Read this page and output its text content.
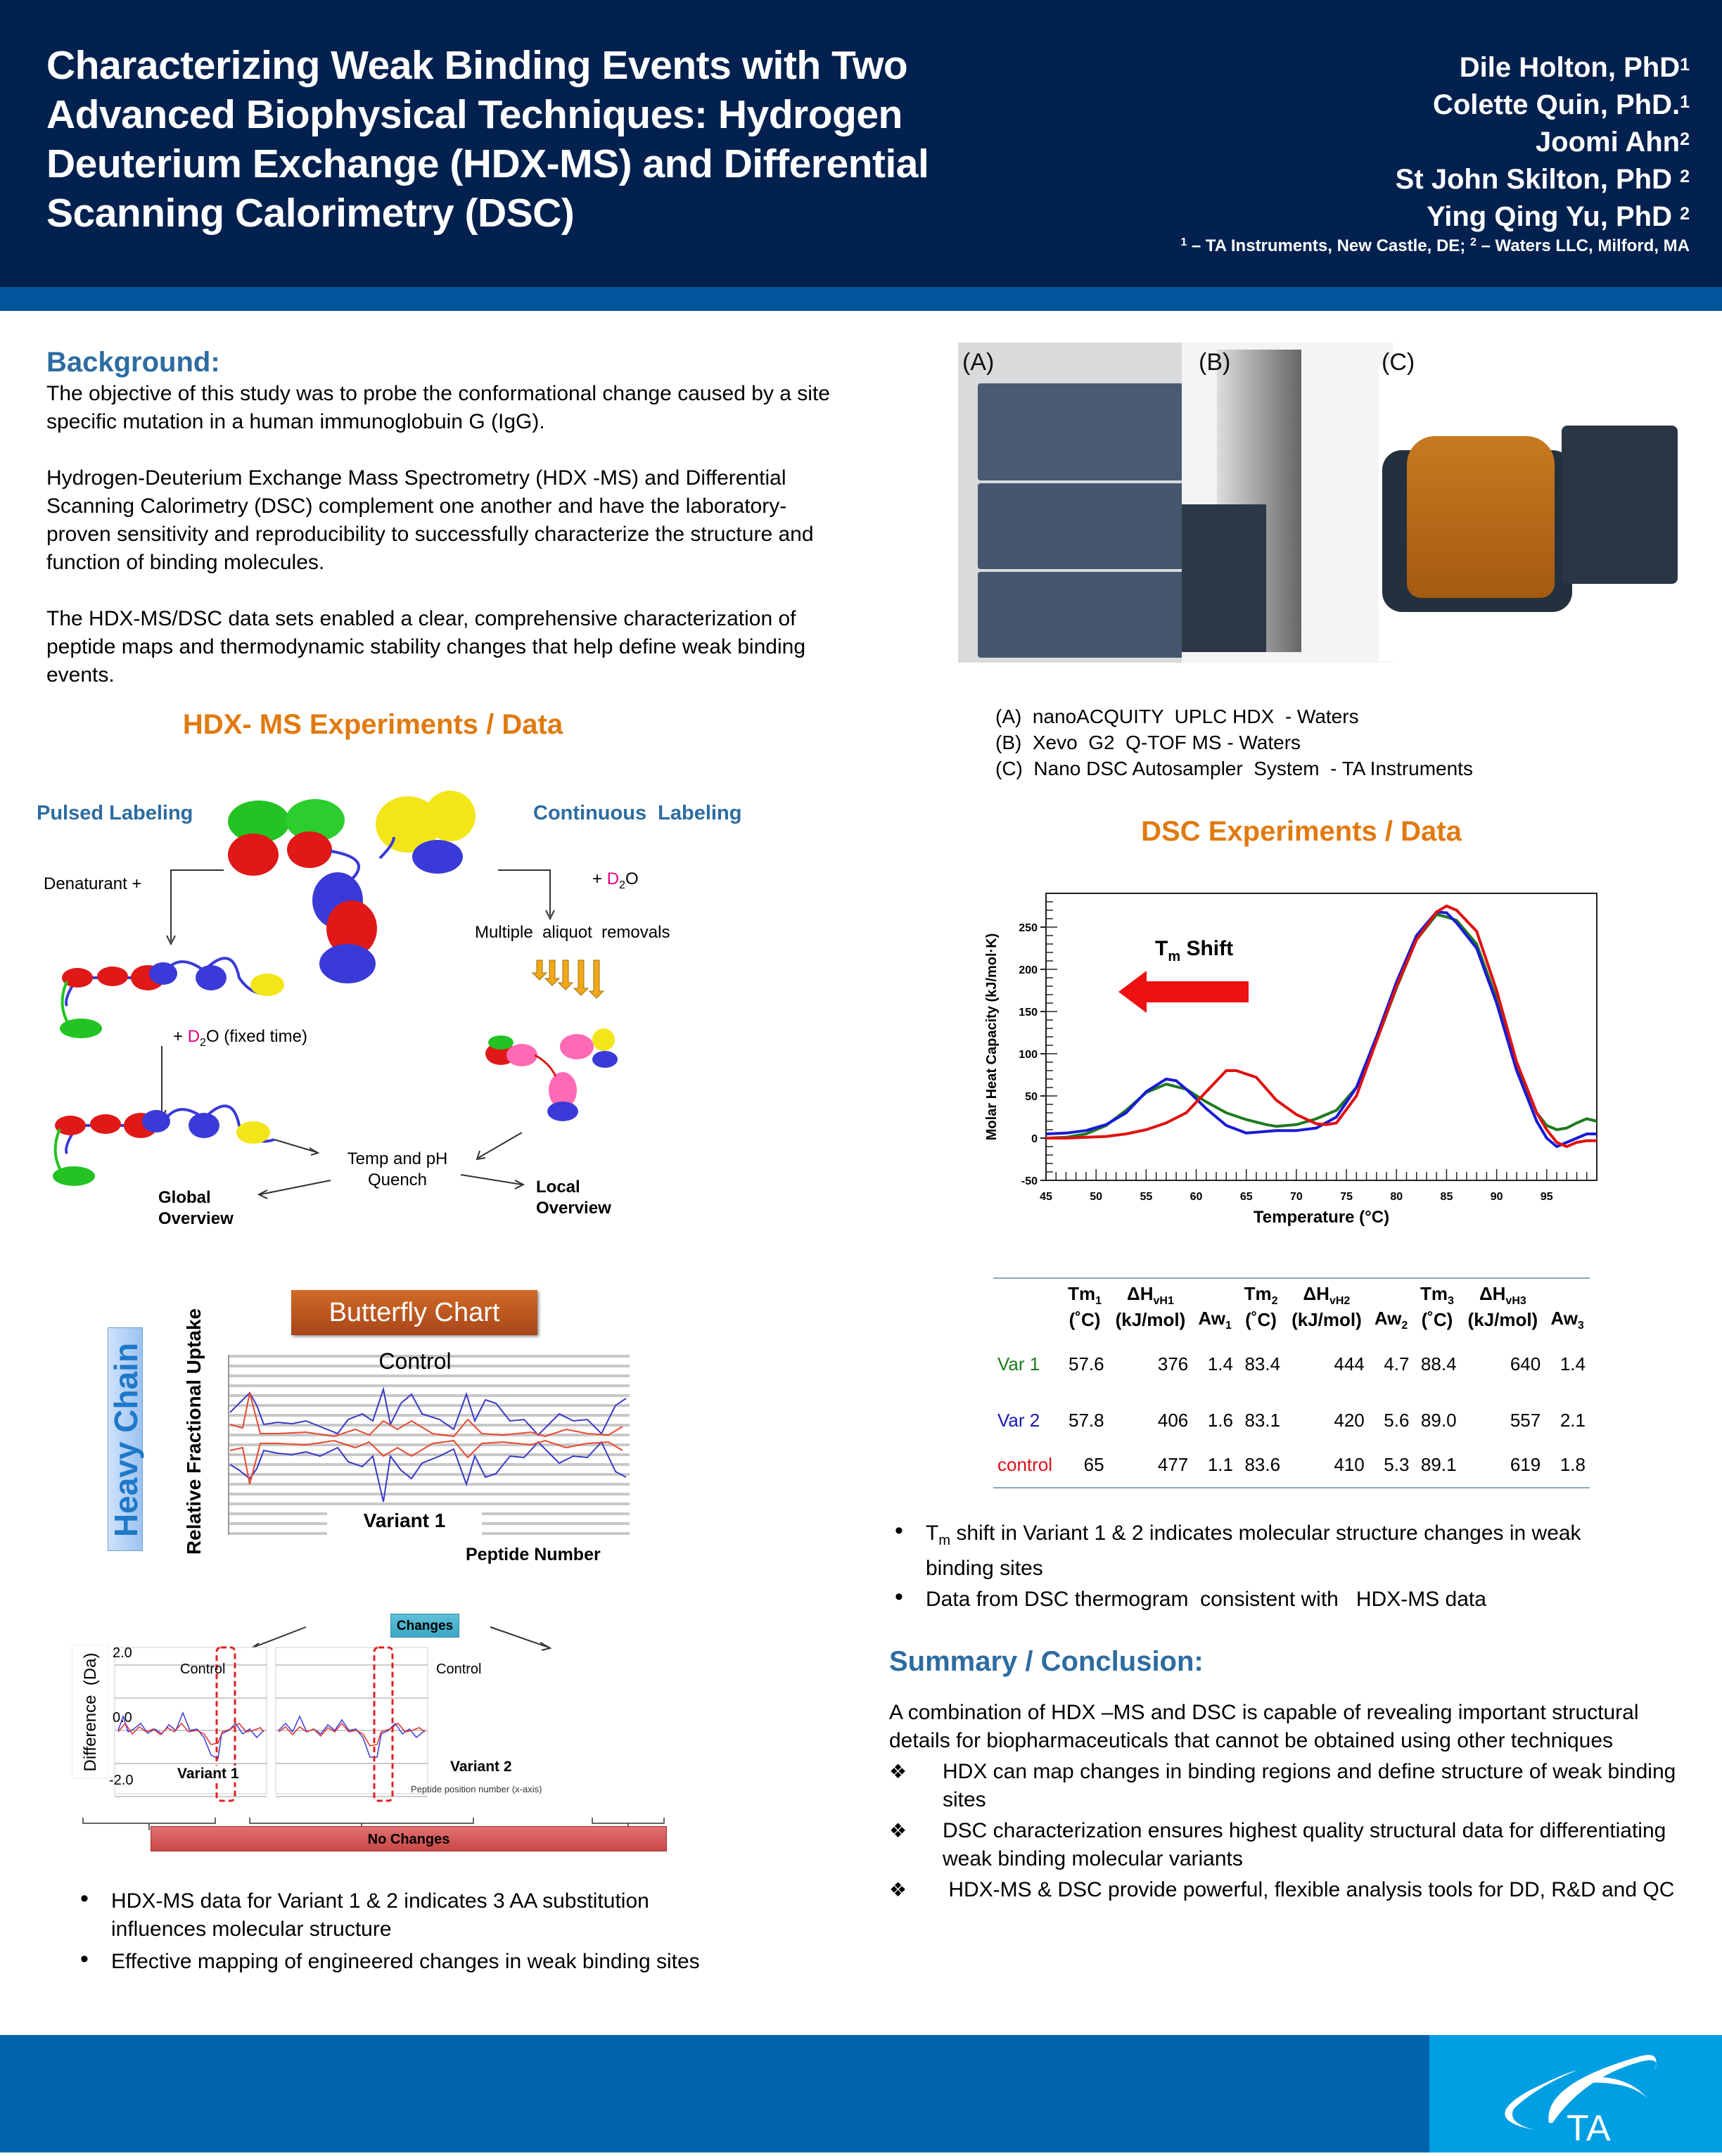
Characterizing Weak Binding Events with Two Advanced Biophysical Techniques: Hydrogen Deuterium Exchange (HDX-MS) and Differential Scanning Calorimetry (DSC)
Dile Holton, PhD$^1$
Colette Quin, PhD.$^1$
Joomi Ahn$^2$
St John Skilton, PhD $^2$
Ying Qing Yu, PhD $^2$
$^1$ – TA Instruments, New Castle, DE; $^2$ – Waters LLC, Milford, MA
Background:
The objective of this study was to probe the conformational change caused by a site specific mutation in a human immunoglobuin G (IgG).
Hydrogen-Deuterium Exchange Mass Spectrometry (HDX -MS) and Differential Scanning Calorimetry (DSC) complement one another and have the laboratory-proven sensitivity and reproducibility to successfully characterize the structure and function of binding molecules.
The HDX-MS/DSC data sets enabled a clear, comprehensive characterization of peptide maps and thermodynamic stability changes that help define weak binding events.
HDX- MS Experiments / Data
Pulsed Labeling	Continuous  Labeling
Denaturant +	+ $D_2O$
Multiple  aliquot  removals
+ $D_2O$ (fixed time)
Temp and pH Quench
Global Overview
Local Overview
Butterfly Chart
Heavy Chain Relative Fractional Uptake	Control
Variant 1
Peptide Number
Changes
Difference  (Da) 2.0
0.0
-2.0
Control	Control
Variant 1	Variant 2
Peptide position number (x-axis)
No Changes
• HDX-MS data for Variant 1 & 2 indicates 3 AA substitution influences molecular structure
• Effective mapping of engineered changes in weak binding sites
(A)	(B)	(C)
(A)  nanoACQUITY  UPLC HDX  - Waters
(B)  Xevo  G2  Q-TOF MS - Waters
(C)  Nano DSC Autosampler  System  - TA Instruments
DSC Experiments / Data
-50
0
50
100
150
200
250
45	50	55	60	65	70	75	80	85	90	95
Temperature (°C)
Molar Heat Capacity (kJ/mol·K)	$T_m$ Shift
	$Tm_1$	$\Delta H_{vH1}$		$Tm_2$	$\Delta H_{vH2}$		$Tm_3$	$\Delta H_{vH3}$	
	(˚C)	(kJ/mol)	$Aw_1$	(˚C)	(kJ/mol)	$Aw_2$	(˚C)	(kJ/mol)	$Aw_3$
Var 1	57.6	376	1.4	83.4	444	4.7	88.4	640	1.4
Var 2	57.8	406	1.6	83.1	420	5.6	89.0	557	2.1
control	65	477	1.1	83.6	410	5.3	89.1	619	1.8
• $T_m$ shift in Variant 1 & 2 indicates molecular structure changes in weak binding sites
• Data from DSC thermogram  consistent with   HDX-MS data
Summary / Conclusion:
A combination of HDX –MS and DSC is capable of revealing important structural details for biopharmaceuticals that cannot be obtained using other techniques
❖ HDX can map changes in binding regions and define structure of weak binding sites
❖ DSC characterization ensures highest quality structural data for differentiating weak binding molecular variants
❖ HDX-MS & DSC provide powerful, flexible analysis tools for DD, R&D and QC
TA
